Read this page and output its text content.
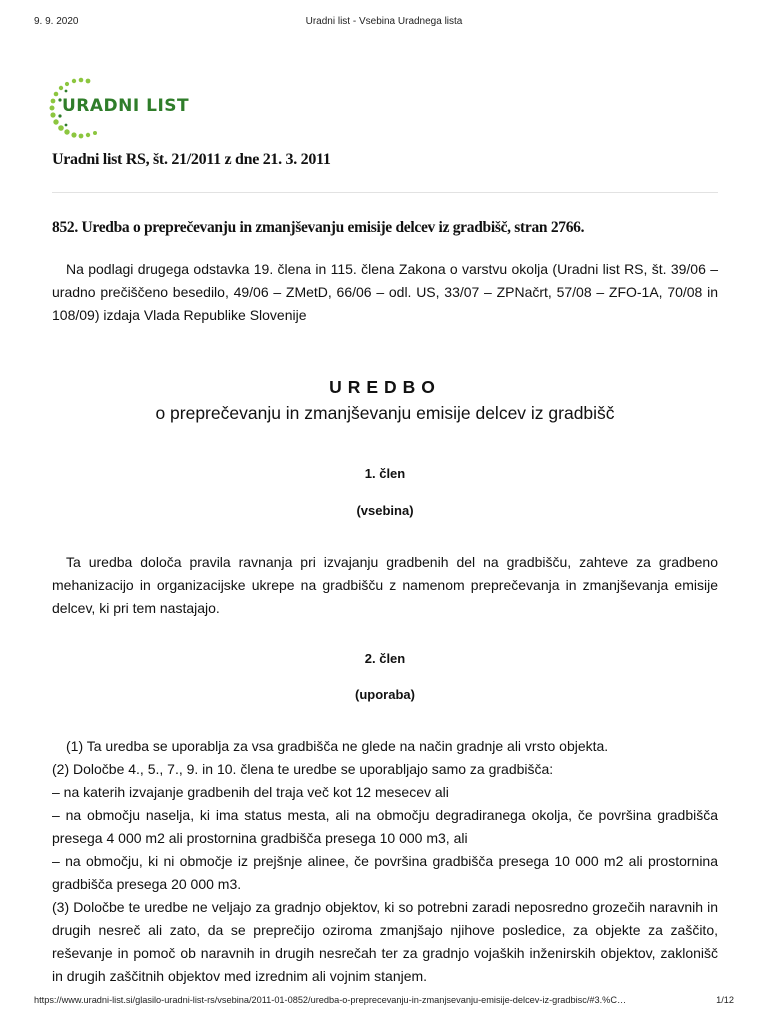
9. 9. 2020	Uradni list - Vsebina Uradnega lista
URADNI LIST
Uradni list RS, št. 21/2011 z dne 21. 3. 2011
852. Uredba o preprečevanju in zmanjševanju emisije delcev iz gradbišč, stran 2766.
Na podlagi drugega odstavka 19. člena in 115. člena Zakona o varstvu okolja (Uradni list RS, št. 39/06 – uradno prečiščeno besedilo, 49/06 – ZMetD, 66/06 – odl. US, 33/07 – ZPNačrt, 57/08 – ZFO-1A, 70/08 in 108/09) izdaja Vlada Republike Slovenije
UREDBO
o preprečevanju in zmanjševanju emisije delcev iz gradbišč
1. člen
(vsebina)
Ta uredba določa pravila ravnanja pri izvajanju gradbenih del na gradbišču, zahteve za gradbeno mehanizacijo in organizacijske ukrepe na gradbišču z namenom preprečevanja in zmanjševanja emisije delcev, ki pri tem nastajajo.
2. člen
(uporaba)
(1) Ta uredba se uporablja za vsa gradbišča ne glede na način gradnje ali vrsto objekta.
(2) Določbe 4., 5., 7., 9. in 10. člena te uredbe se uporabljajo samo za gradbišča:
– na katerih izvajanje gradbenih del traja več kot 12 mesecev ali
– na območju naselja, ki ima status mesta, ali na območju degradiranega okolja, če površina gradbišča presega 4 000 m2 ali prostornina gradbišča presega 10 000 m3, ali
– na območju, ki ni območje iz prejšnje alinee, če površina gradbišča presega 10 000 m2 ali prostornina gradbišča presega 20 000 m3.
(3) Določbe te uredbe ne veljajo za gradnjo objektov, ki so potrebni zaradi neposredno grozečih naravnih in drugih nesreč ali zato, da se preprečijo oziroma zmanjšajo njihove posledice, za objekte za zaščito, reševanje in pomoč ob naravnih in drugih nesrečah ter za gradnjo vojaških inženirskih objektov, zaklonišč in drugih zaščitnih objektov med izrednim ali vojnim stanjem.
https://www.uradni-list.si/glasilo-uradni-list-rs/vsebina/2011-01-0852/uredba-o-preprecevanju-in-zmanjsevanju-emisije-delcev-iz-gradbisc/#3.%C…	1/12
